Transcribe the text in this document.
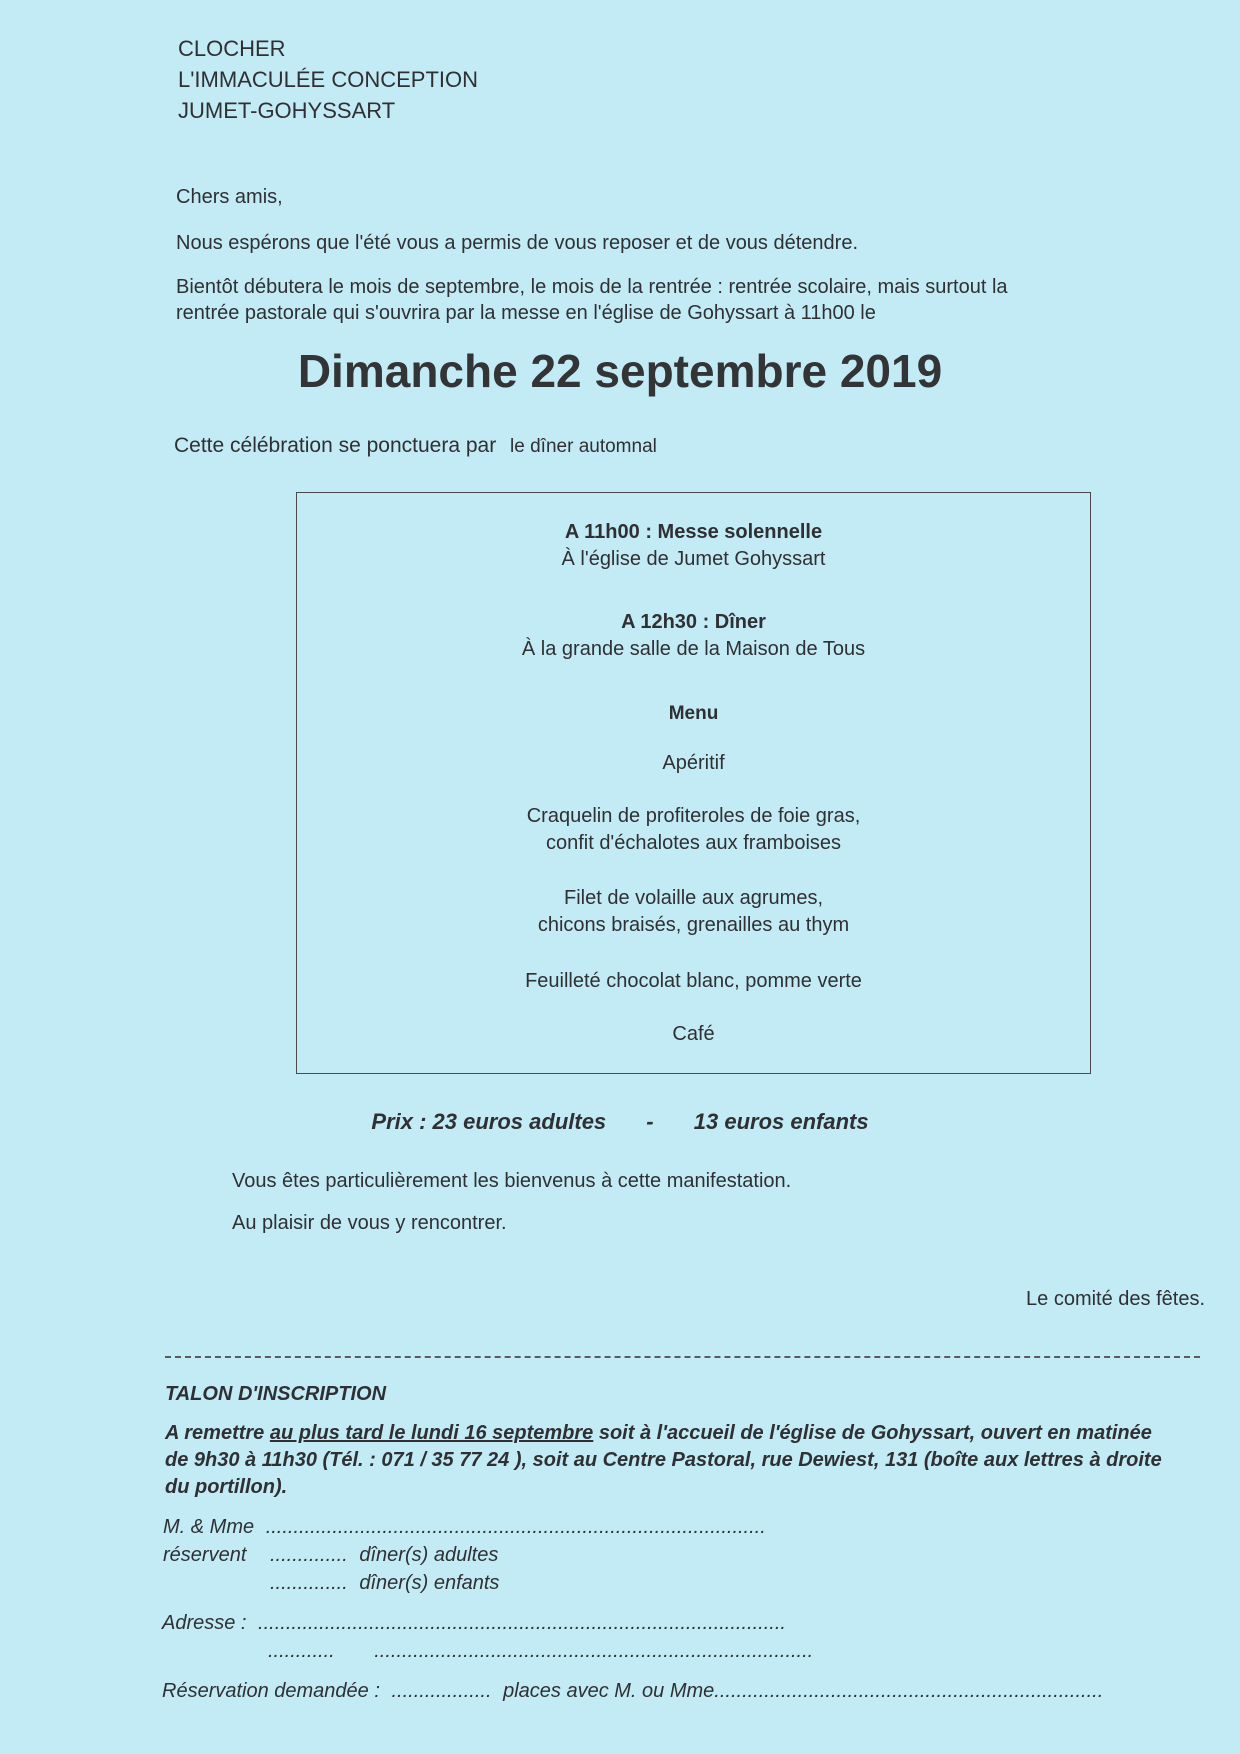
CLOCHER
L'IMMACULÉE CONCEPTION
JUMET-GOHYSSART
Chers amis,
Nous espérons que l'été vous a permis de vous reposer et de vous détendre.
Bientôt débutera le mois de septembre, le mois de la rentrée : rentrée scolaire, mais surtout la
rentrée pastorale qui s'ouvrira par la messe en l'église de Gohyssart à 11h00 le
Dimanche 22 septembre 2019
Cette célébration se ponctuera par le dîner automnal
A 11h00 : Messe solennelle
À l'église de Jumet Gohyssart
A 12h30 : Dîner
À la grande salle de la Maison de Tous
Menu
Apéritif
Craquelin de profiteroles de foie gras,
confit d'échalotes aux framboises
Filet de volaille aux agrumes,
chicons braisés, grenailles au thym
Feuilleté chocolat blanc, pomme verte
Café
Prix : 23 euros adultes - 13 euros enfants
Vous êtes particulièrement les bienvenus à cette manifestation.
Au plaisir de vous y rencontrer.
Le comité des fêtes.
TALON D'INSCRIPTION
A remettre au plus tard le lundi 16 septembre soit à l'accueil de l'église de Gohyssart, ouvert en matinée de 9h30 à 11h30 (Tél. : 071 / 35 77 24 ), soit au Centre Pastoral, rue Dewiest, 131 (boîte aux lettres à droite du portillon).
M. & Mme ..........................................................................................
réservent .............. dîner(s) adultes
.............. dîner(s) enfants
Adresse : ...............................................................................................
............ ...............................................................................
Réservation demandée : .................. places avec M. ou Mme......................................................................
